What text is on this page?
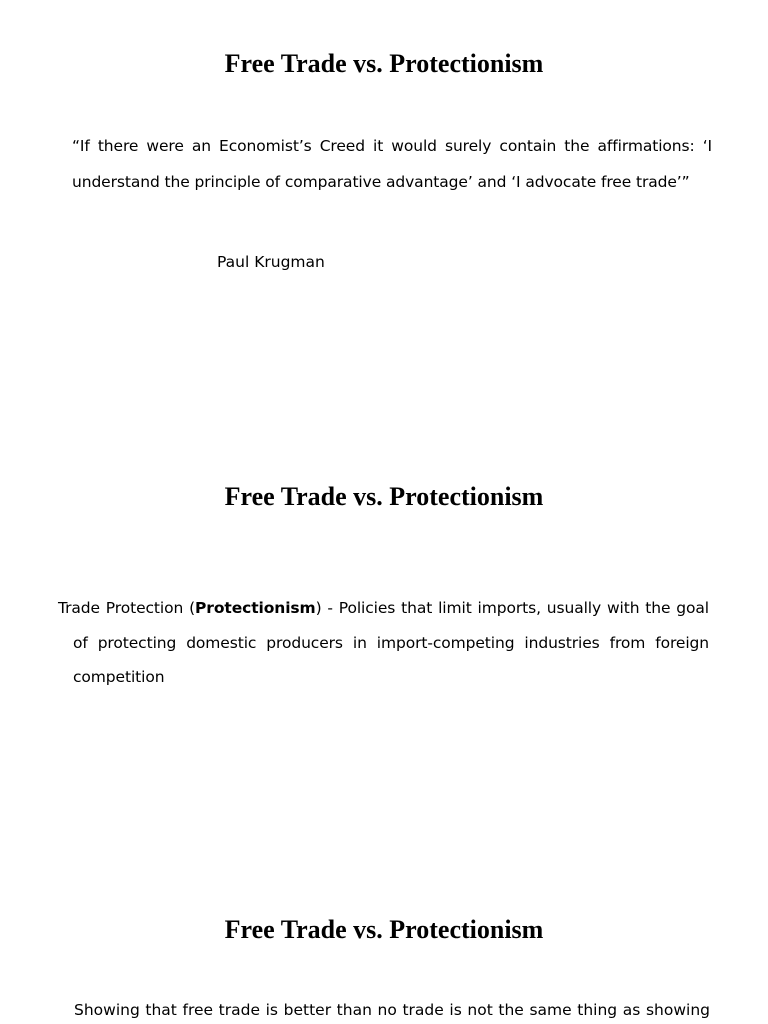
Free Trade vs. Protectionism

“If there were an Economist’s Creed it would surely contain the affirmations: ‘I understand the principle of comparative advantage’ and ‘I advocate free trade’”

Paul Krugman

Free Trade vs. Protectionism

Trade Protection (Protectionism) - Policies that limit imports, usually with the goal of protecting domestic producers in import-competing industries from foreign competition

Free Trade vs. Protectionism

Showing that free trade is better than no trade is not the same thing as showing
